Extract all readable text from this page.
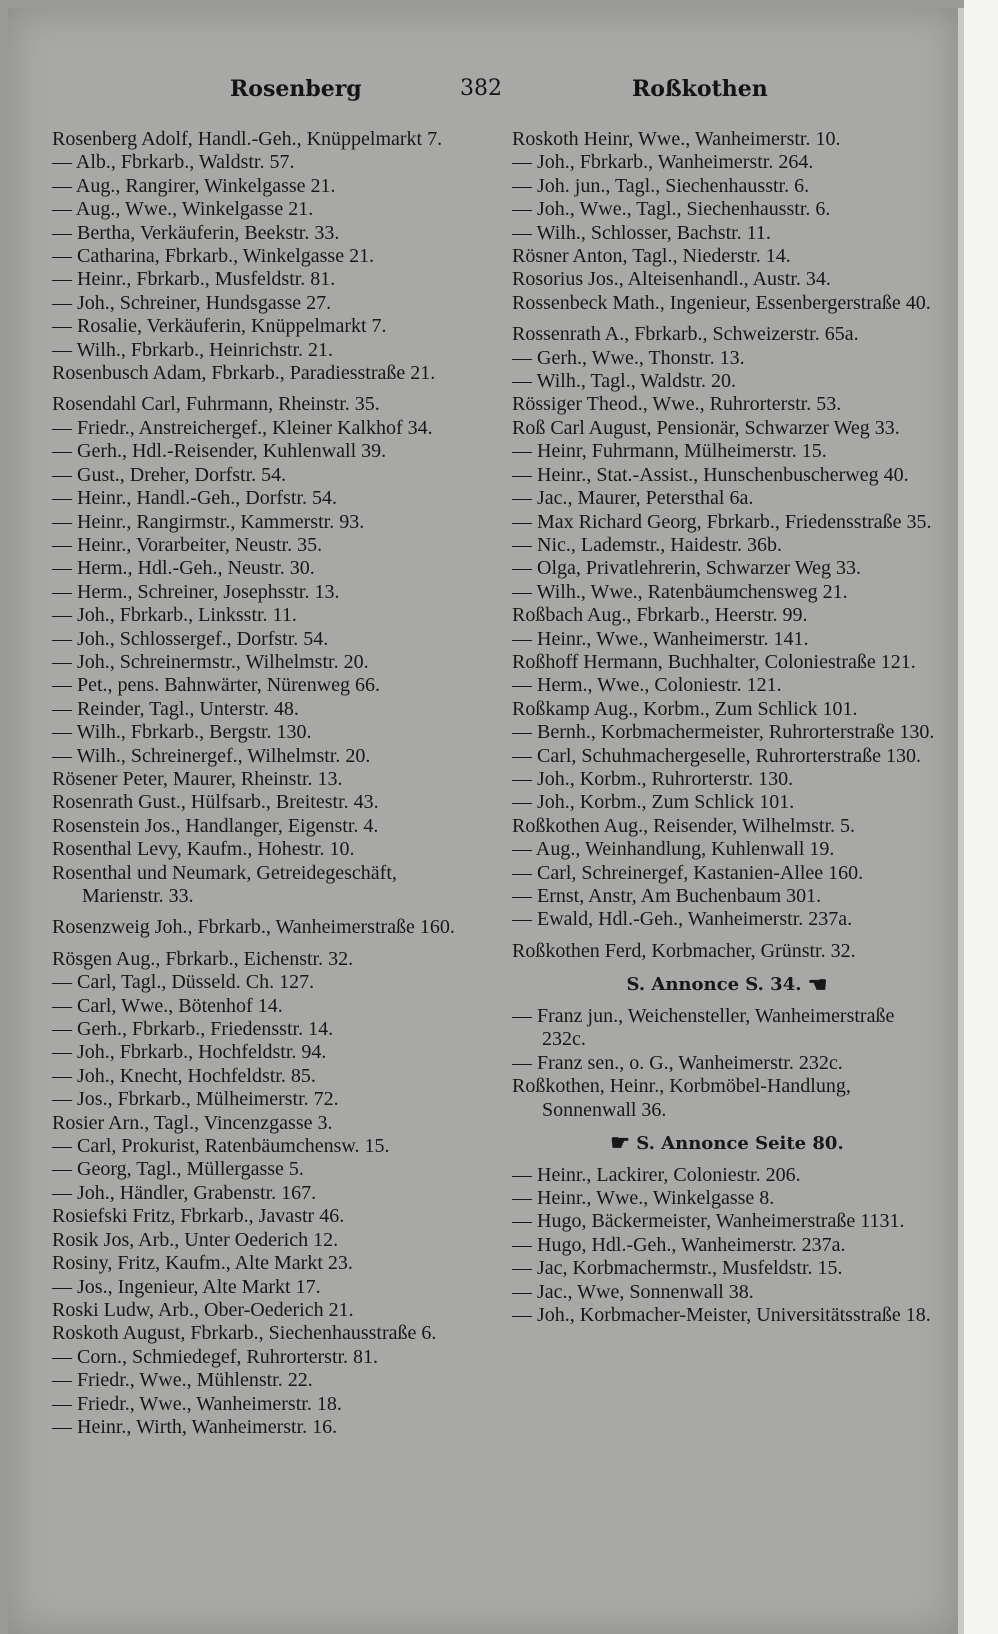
Rosenberg	382	Roßkothen

Rosenberg Adolf, Handl.-Geh., Knüppelmarkt 7.

— Alb., Fbrkarb., Waldstr. 57.

— Aug., Rangirer, Winkelgasse 21.

— Aug., Wwe., Winkelgasse 21.

— Bertha, Verkäuferin, Beekstr. 33.

— Catharina, Fbrkarb., Winkelgasse 21.

— Heinr., Fbrkarb., Musfeldstr. 81.

— Joh., Schreiner, Hundsgasse 27.

— Rosalie, Verkäuferin, Knüppelmarkt 7.

— Wilh., Fbrkarb., Heinrichstr. 21.

Rosenbusch Adam, Fbrkarb., Paradiesstraße 21.

Rosendahl Carl, Fuhrmann, Rheinstr. 35.

— Friedr., Anstreichergef., Kleiner Kalkhof 34.

— Gerh., Hdl.-Reisender, Kuhlenwall 39.

— Gust., Dreher, Dorfstr. 54.

— Heinr., Handl.-Geh., Dorfstr. 54.

— Heinr., Rangirmstr., Kammerstr. 93.

— Heinr., Vorarbeiter, Neustr. 35.

— Herm., Hdl.-Geh., Neustr. 30.

— Herm., Schreiner, Josephsstr. 13.

— Joh., Fbrkarb., Linksstr. 11.

— Joh., Schlossergef., Dorfstr. 54.

— Joh., Schreinermstr., Wilhelmstr. 20.

— Pet., pens. Bahnwärter, Nürenweg 66.

— Reinder, Tagl., Unterstr. 48.

— Wilh., Fbrkarb., Bergstr. 130.

— Wilh., Schreinergef., Wilhelmstr. 20.

Rösener Peter, Maurer, Rheinstr. 13.

Rosenrath Gust., Hülfsarb., Breitestr. 43.

Rosenstein Jos., Handlanger, Eigenstr. 4.

Rosenthal Levy, Kaufm., Hohestr. 10.

Rosenthal und Neumark, Getreidegeschäft, Marienstr. 33.

Rosenzweig Joh., Fbrkarb., Wanheimerstraße 160.

Rösgen Aug., Fbrkarb., Eichenstr. 32.

— Carl, Tagl., Düsseld. Ch. 127.

— Carl, Wwe., Bötenhof 14.

— Gerh., Fbrkarb., Friedensstr. 14.

— Joh., Fbrkarb., Hochfeldstr. 94.

— Joh., Knecht, Hochfeldstr. 85.

— Jos., Fbrkarb., Mülheimerstr. 72.

Rosier Arn., Tagl., Vincenzgasse 3.

— Carl, Prokurist, Ratenbäumchensw. 15.

— Georg, Tagl., Müllergasse 5.

— Joh., Händler, Grabenstr. 167.

Rosiefski Fritz, Fbrkarb., Javastr 46.

Rosik Jos, Arb., Unter Oederich 12.

Rosiny, Fritz, Kaufm., Alte Markt 23.

— Jos., Ingenieur, Alte Markt 17.

Roski Ludw, Arb., Ober-Oederich 21.

Roskoth August, Fbrkarb., Siechenhausstraße 6.

— Corn., Schmiedegef, Ruhrorterstr. 81.

— Friedr., Wwe., Mühlenstr. 22.

— Friedr., Wwe., Wanheimerstr. 18.

— Heinr., Wirth, Wanheimerstr. 16.

Roskoth Heinr, Wwe., Wanheimerstr. 10.

— Joh., Fbrkarb., Wanheimerstr. 264.

— Joh. jun., Tagl., Siechenhausstr. 6.

— Joh., Wwe., Tagl., Siechenhausstr. 6.

— Wilh., Schlosser, Bachstr. 11.

Rösner Anton, Tagl., Niederstr. 14.

Rosorius Jos., Alteisenhandl., Austr. 34.

Rossenbeck Math., Ingenieur, Essenbergerstraße 40.

Rossenrath A., Fbrkarb., Schweizerstr. 65a.

— Gerh., Wwe., Thonstr. 13.

— Wilh., Tagl., Waldstr. 20.

Rössiger Theod., Wwe., Ruhrorterstr. 53.

Roß Carl August, Pensionär, Schwarzer Weg 33.

— Heinr, Fuhrmann, Mülheimerstr. 15.

— Heinr., Stat.-Assist., Hunschenbuscherweg 40.

— Jac., Maurer, Petersthal 6a.

— Max Richard Georg, Fbrkarb., Friedensstraße 35.

— Nic., Lademstr., Haidestr. 36b.

— Olga, Privatlehrerin, Schwarzer Weg 33.

— Wilh., Wwe., Ratenbäumchensweg 21.

Roßbach Aug., Fbrkarb., Heerstr. 99.

— Heinr., Wwe., Wanheimerstr. 141.

Roßhoff Hermann, Buchhalter, Coloniestraße 121.

— Herm., Wwe., Coloniestr. 121.

Roßkamp Aug., Korbm., Zum Schlick 101.

— Bernh., Korbmachermeister, Ruhrorterstraße 130.

— Carl, Schuhmachergeselle, Ruhrorterstraße 130.

— Joh., Korbm., Ruhrorterstr. 130.

— Joh., Korbm., Zum Schlick 101.

Roßkothen Aug., Reisender, Wilhelmstr. 5.

— Aug., Weinhandlung, Kuhlenwall 19.

— Carl, Schreinergef, Kastanien-Allee 160.

— Ernst, Anstr, Am Buchenbaum 301.

— Ewald, Hdl.-Geh., Wanheimerstr. 237a.

Roßkothen Ferd, Korbmacher, Grünstr. 32.

S. Annonce S. 34. ☚

— Franz jun., Weichensteller, Wanheimerstraße 232c.

— Franz sen., o. G., Wanheimerstr. 232c.

Roßkothen, Heinr., Korbmöbel-Handlung, Sonnenwall 36.

☛ S. Annonce Seite 80.

— Heinr., Lackirer, Coloniestr. 206.

— Heinr., Wwe., Winkelgasse 8.

— Hugo, Bäckermeister, Wanheimerstraße 1131.

— Hugo, Hdl.-Geh., Wanheimerstr. 237a.

— Jac, Korbmachermstr., Musfeldstr. 15.

— Jac., Wwe, Sonnenwall 38.

— Joh., Korbmacher-Meister, Universitätsstraße 18.
